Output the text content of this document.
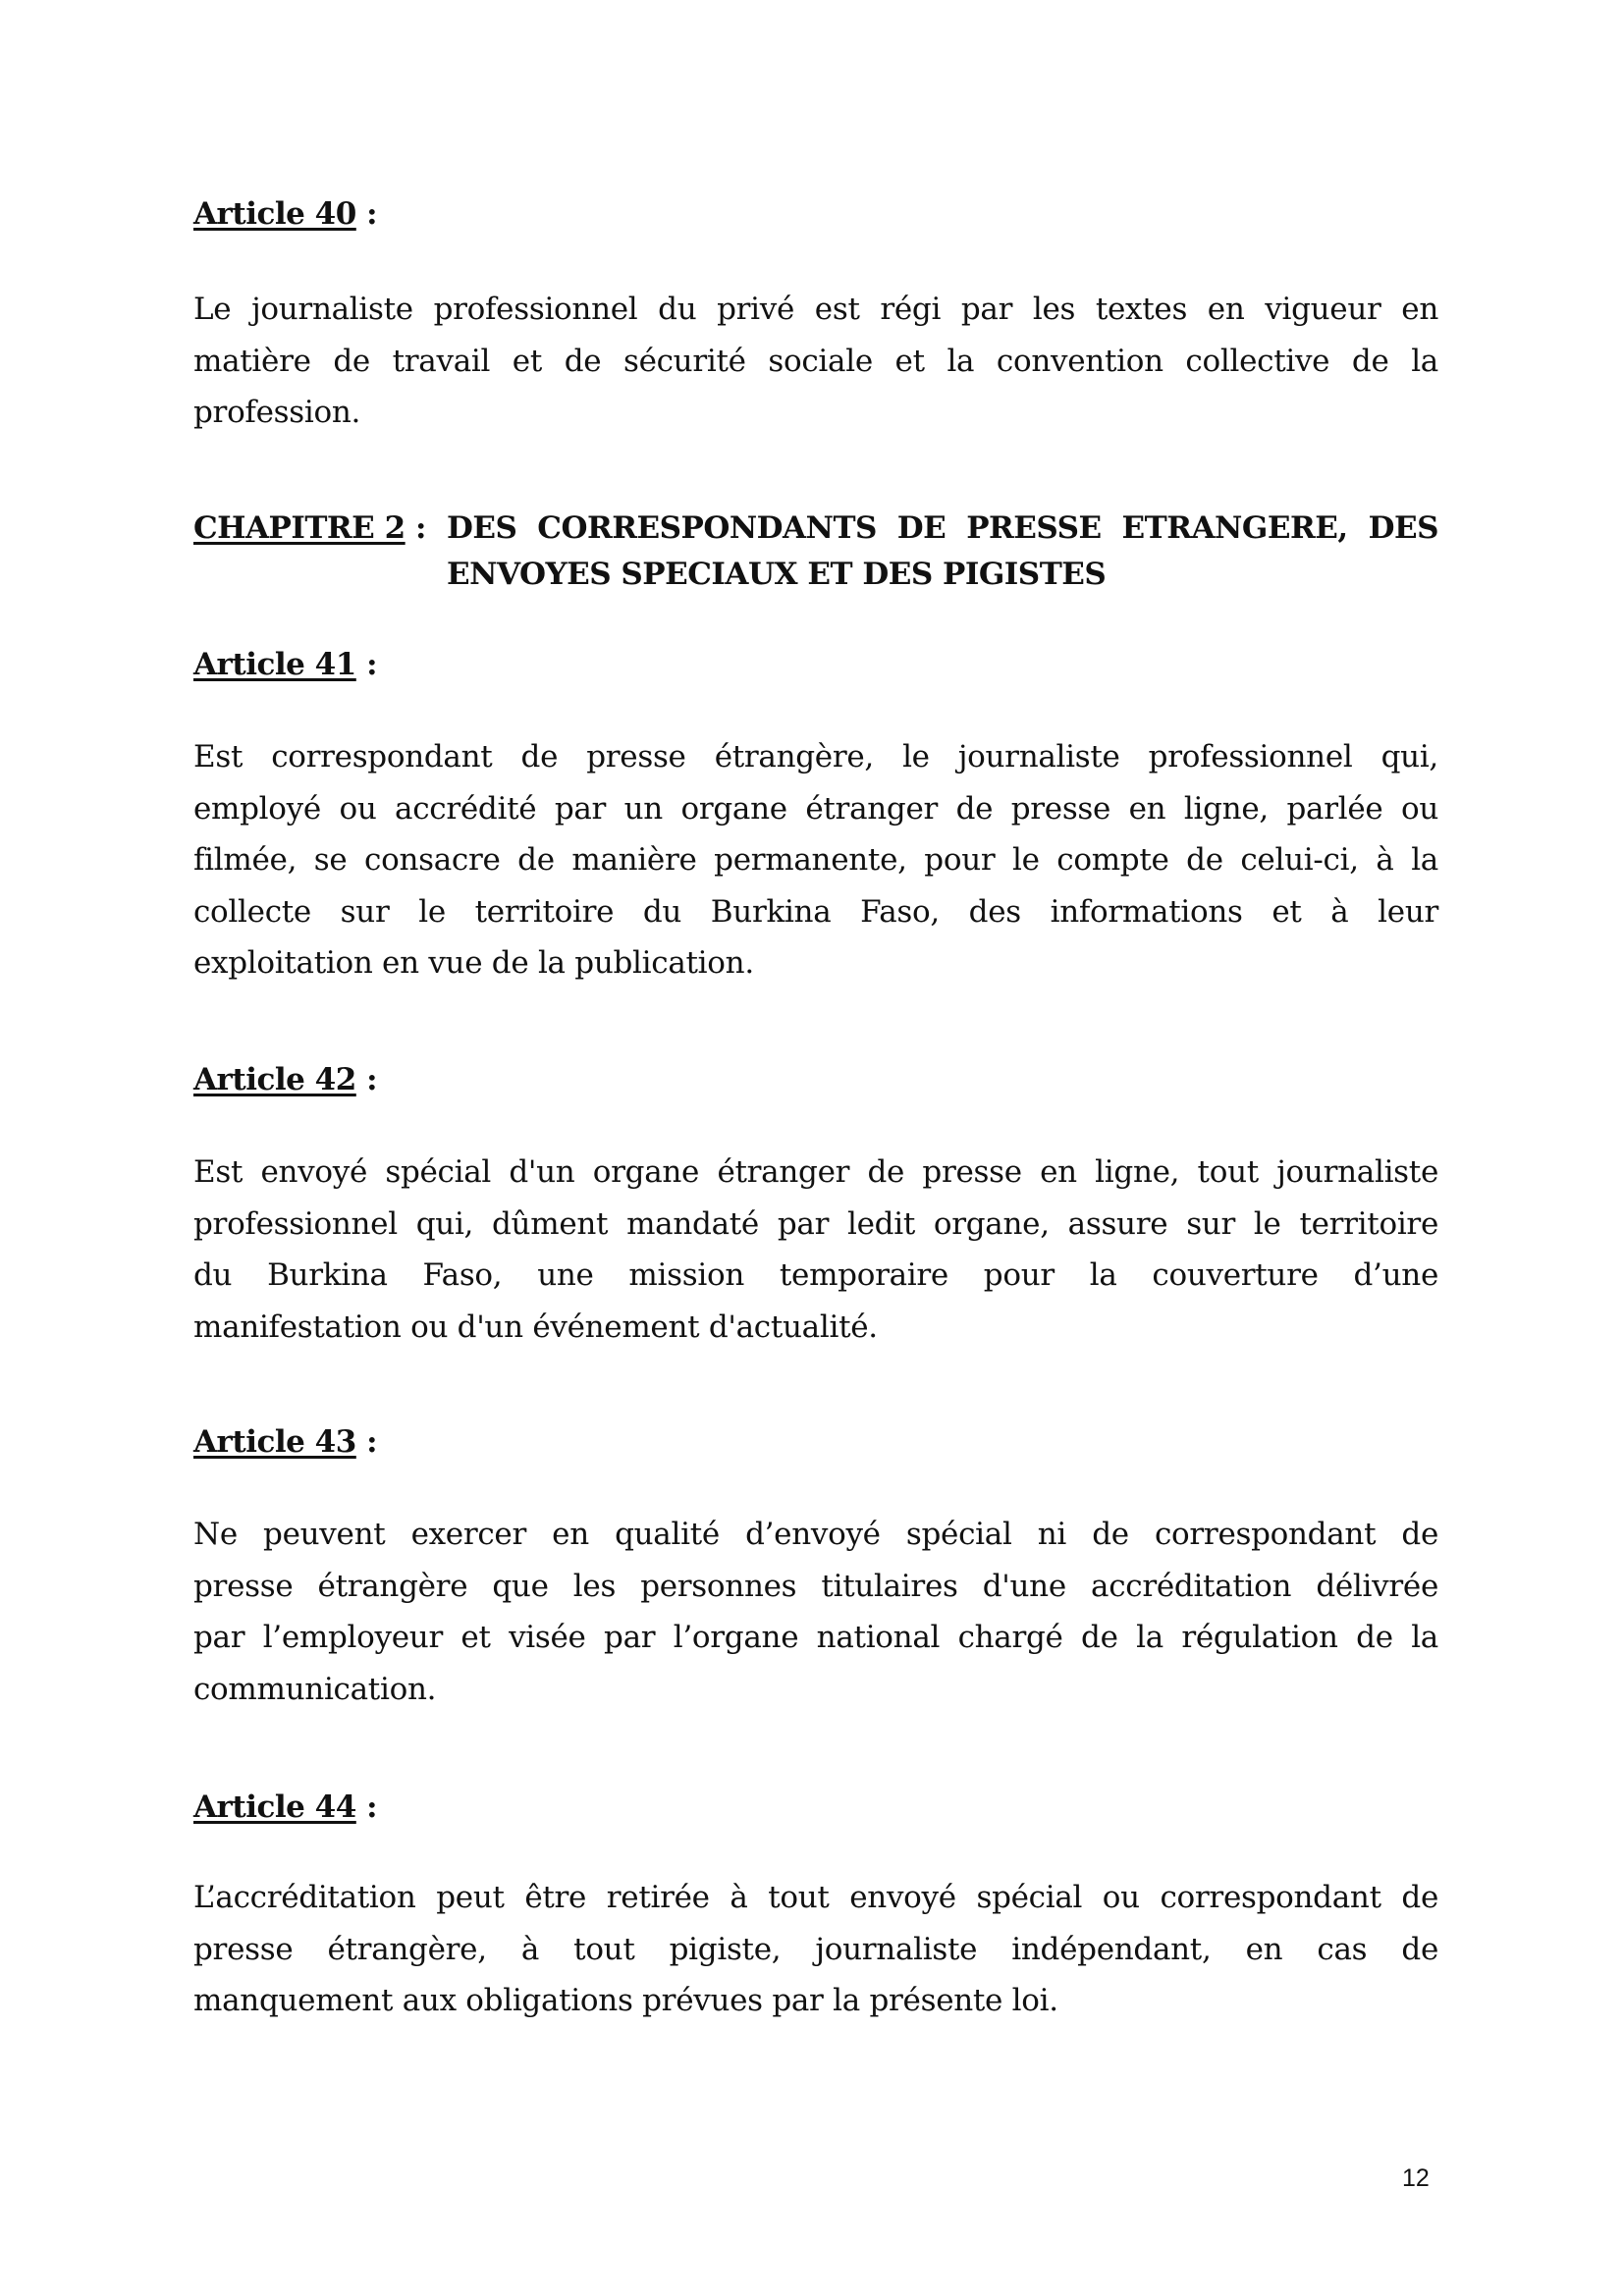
Article 40 :
Le journaliste professionnel du privé est régi par les textes en vigueur en
matière de travail et de sécurité sociale et la convention collective de la
profession.
CHAPITRE 2 : DES CORRESPONDANTS DE PRESSE ETRANGERE, DES
ENVOYES SPECIAUX ET DES PIGISTES
Article 41 :
Est correspondant de presse étrangère, le journaliste professionnel qui,
employé ou accrédité par un organe étranger de presse en ligne, parlée ou
filmée, se consacre de manière permanente, pour le compte de celui-ci, à la
collecte sur le territoire du Burkina Faso, des informations et à leur
exploitation en vue de la publication.
Article 42 :
Est envoyé spécial d'un organe étranger de presse en ligne, tout journaliste
professionnel qui, dûment mandaté par ledit organe, assure sur le territoire
du Burkina Faso, une mission temporaire pour la couverture d’une
manifestation ou d'un événement d'actualité.
Article 43 :
Ne peuvent exercer en qualité d’envoyé spécial ni de correspondant de
presse étrangère que les personnes titulaires d'une accréditation délivrée
par l’employeur et visée par l’organe national chargé de la régulation de la
communication.
Article 44 :
L’accréditation peut être retirée à tout envoyé spécial ou correspondant de
presse étrangère, à tout pigiste, journaliste indépendant, en cas de
manquement aux obligations prévues par la présente loi.
12
